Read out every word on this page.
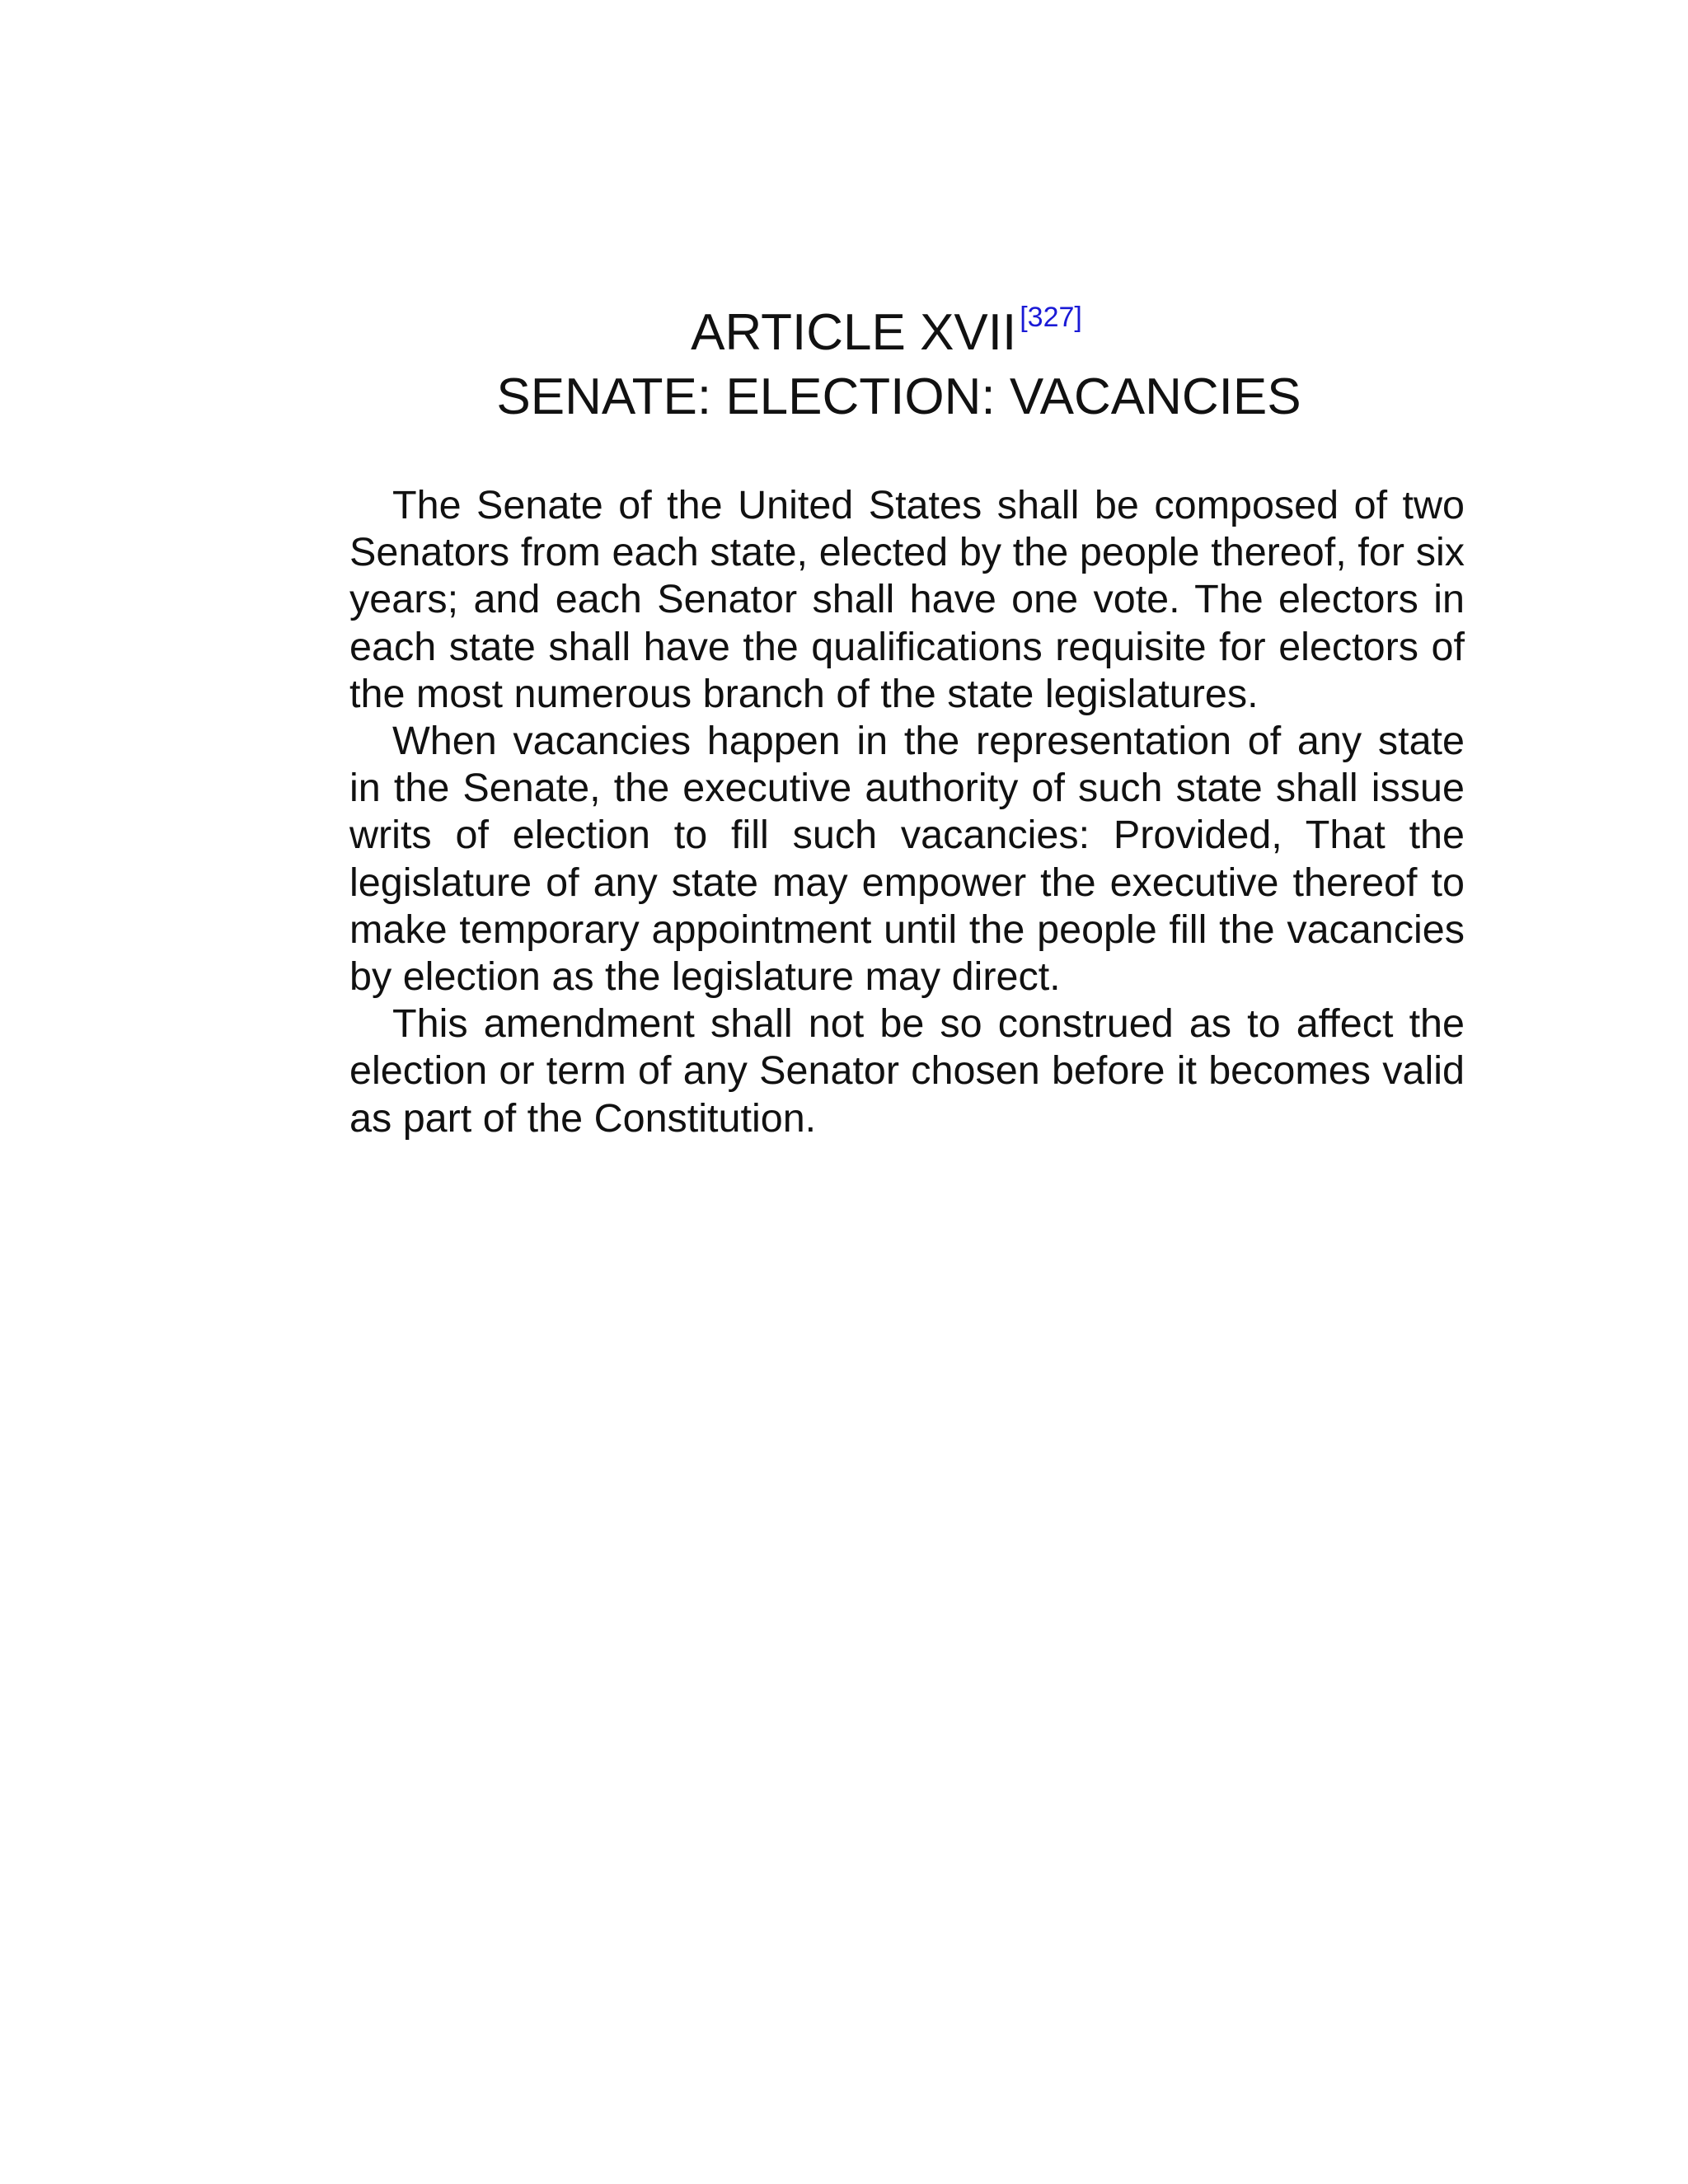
ARTICLE XVII [327]
SENATE: ELECTION: VACANCIES

The Senate of the United States shall be composed of two Senators from each state, elected by the people thereof, for six years; and each Senator shall have one vote. The electors in each state shall have the qualifications requisite for electors of the most numerous branch of the state legislatures.

When vacancies happen in the representation of any state in the Senate, the executive authority of such state shall issue writs of election to fill such vacancies: Provided, That the legislature of any state may empower the executive thereof to make temporary appointment until the people fill the vacancies by election as the legislature may direct.

This amendment shall not be so construed as to affect the election or term of any Senator chosen before it becomes valid as part of the Constitution.
